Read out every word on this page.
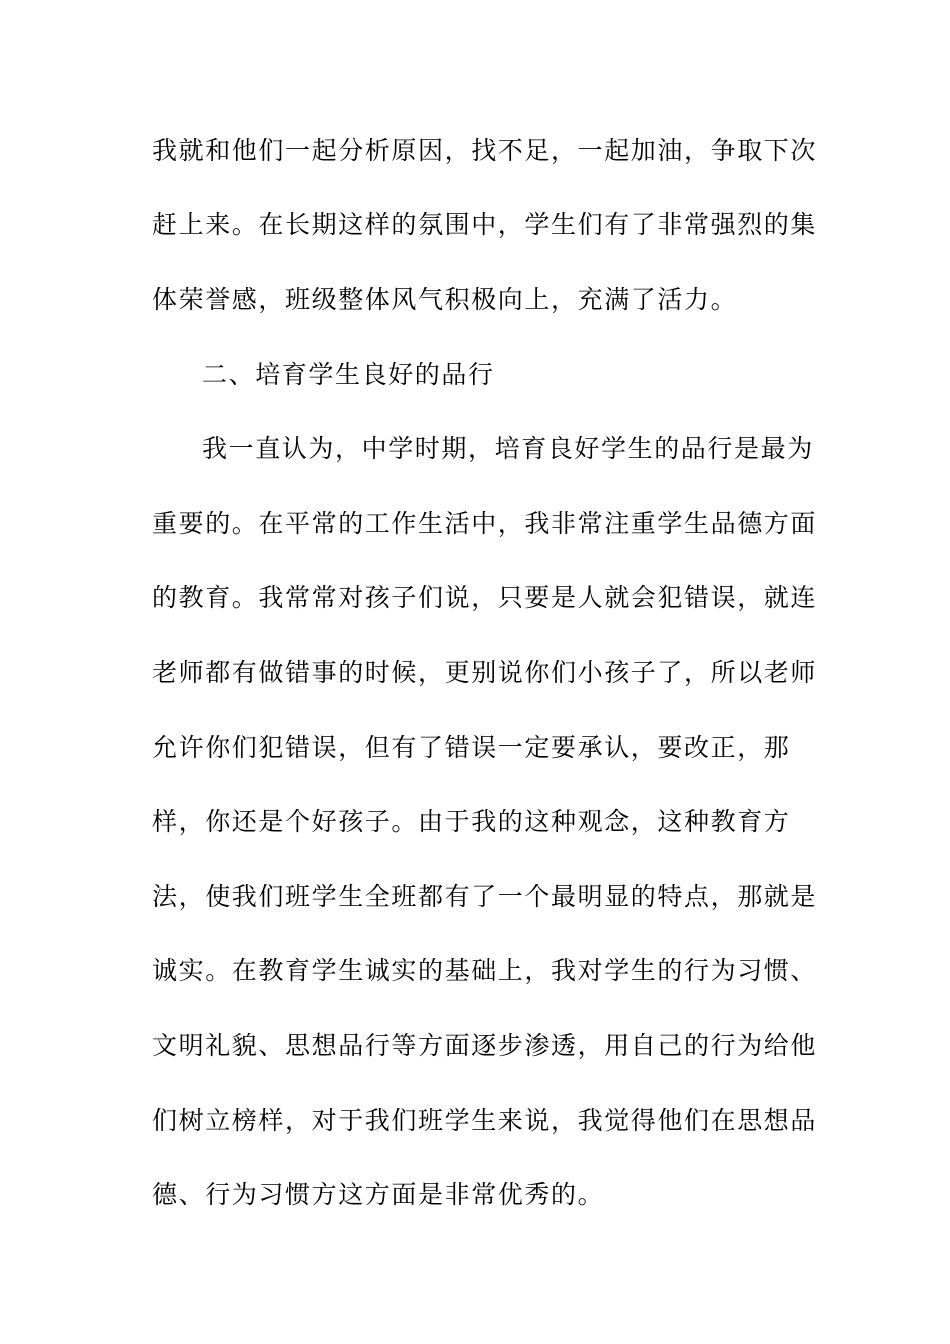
我就和他们一起分析原因，找不足，一起加油，争取下次
赶上来。在长期这样的氛围中，学生们有了非常强烈的集
体荣誉感，班级整体风气积极向上，充满了活力。
二、培育学生良好的品行
我一直认为，中学时期，培育良好学生的品行是最为
重要的。在平常的工作生活中，我非常注重学生品德方面
的教育。我常常对孩子们说，只要是人就会犯错误，就连
老师都有做错事的时候，更别说你们小孩子了，所以老师
允许你们犯错误，但有了错误一定要承认，要改正，那
样，你还是个好孩子。由于我的这种观念，这种教育方
法，使我们班学生全班都有了一个最明显的特点，那就是
诚实。在教育学生诚实的基础上，我对学生的行为习惯、
文明礼貌、思想品行等方面逐步渗透，用自己的行为给他
们树立榜样，对于我们班学生来说，我觉得他们在思想品
德、行为习惯方这方面是非常优秀的。
